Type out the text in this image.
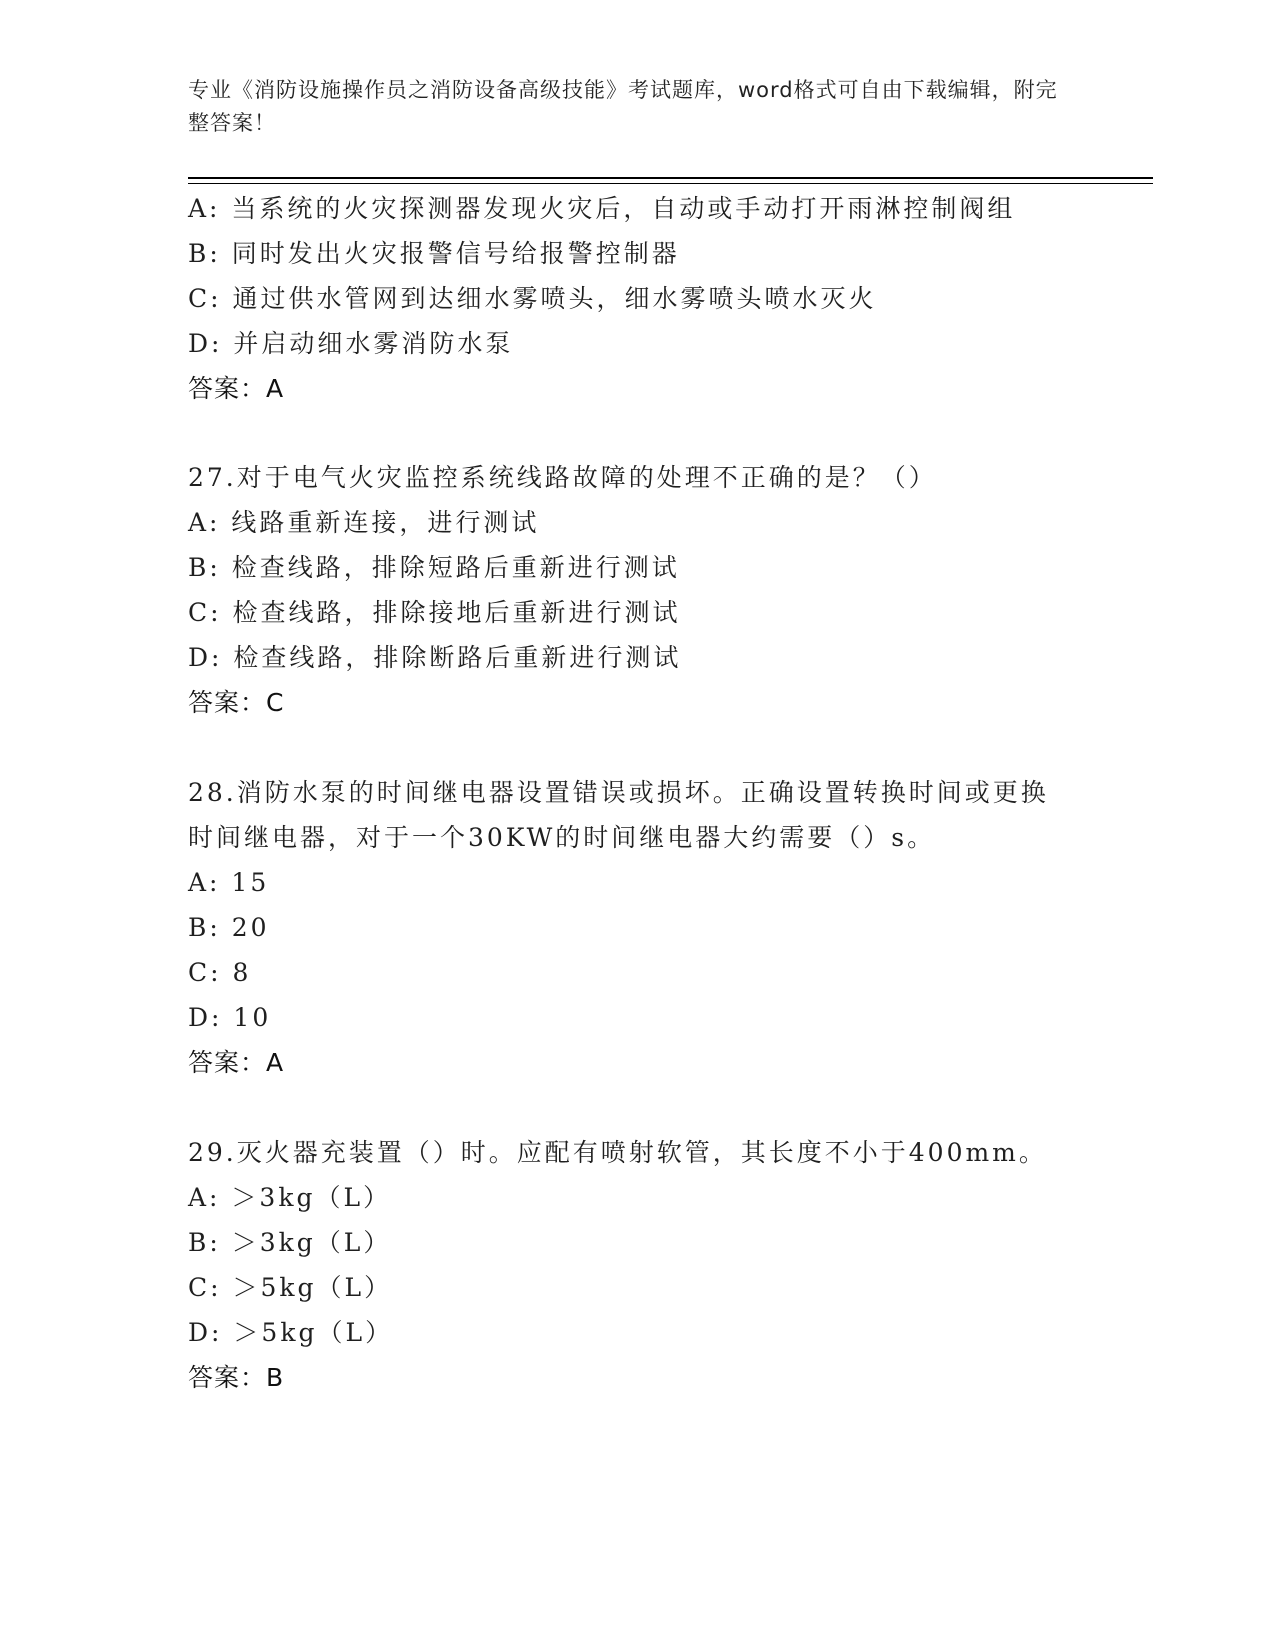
专业《消防设施操作员之消防设备高级技能》考试题库，word格式可自由下载编辑，附完整答案！
A: 当系统的火灾探测器发现火灾后，自动或手动打开雨淋控制阀组
B: 同时发出火灾报警信号给报警控制器
C: 通过供水管网到达细水雾喷头，细水雾喷头喷水灭火
D: 并启动细水雾消防水泵
答案：A
27.对于电气火灾监控系统线路故障的处理不正确的是？（）
A: 线路重新连接，进行测试
B: 检查线路，排除短路后重新进行测试
C: 检查线路，排除接地后重新进行测试
D: 检查线路，排除断路后重新进行测试
答案：C
28.消防水泵的时间继电器设置错误或损坏。正确设置转换时间或更换
时间继电器，对于一个30KW的时间继电器大约需要（）s。
A: 15
B: 20
C: 8
D: 10
答案：A
29.灭火器充装置（）时。应配有喷射软管，其长度不小于400mm。
A: ＞3kg（L）
B: ＞3kg（L）
C: ＞5kg（L）
D: ＞5kg（L）
答案：B
